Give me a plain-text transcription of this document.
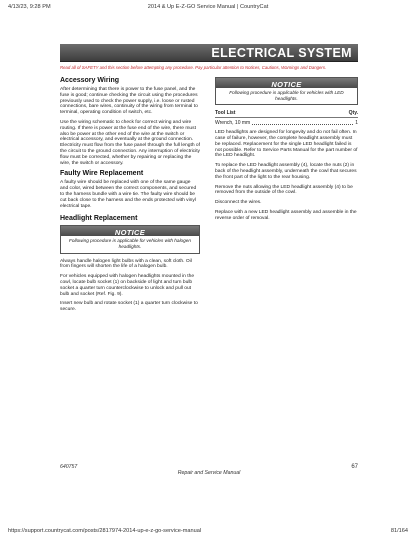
4/13/23, 9:28 PM	2014 & Up E-Z-GO Service Manual | CountryCat
ELECTRICAL SYSTEM
Read all of SAFETY and this section before attempting any procedure. Pay particular attention to Notices, Cautions, Warnings and Dangers.
Accessory Wiring

After determining that there is power to the fuse panel, and the fuse is good; continue checking the circuit using the procedures previously used to check the power supply, i.e. loose or rusted connections, bare wires, continuity of the wiring from terminal to terminal, operating condition of switch, etc.

Use the wiring schematic to check for correct wiring and wire routing. If there is power at the fuse end of the wire, there must also be power at the other end of the wire at the switch or electrical accessory, and eventually at the ground connection. Electricity must flow from the fuse panel through the full length of the circuit to the ground connection. Any interruption of electricity flow must be corrected, whether by repairing or replacing the wire, the switch or accessory.

Faulty Wire Replacement

A faulty wire should be replaced with one of the same gauge and color, wired between the correct components, and secured to the harness bundle with a wire tie. The faulty wire should be cut back close to the harness and the ends protected with vinyl electrical tape.

Headlight Replacement
NOTICE
Following procedure is applicable for vehicles with halogen headlights.

Always handle halogen light bulbs with a clean, soft cloth. Oil from fingers will shorten the life of a halogen bulb.

For vehicles equipped with halogen headlights mounted in the cowl, locate bulb socket (1) on backside of light and turn bulb socket a quarter turn counterclockwise to unlock and pull out bulb and socket (Ref. Fig. 9).

Insert new bulb and rotate socket (1) a quarter turn clockwise to secure.

NOTICE
Following procedure is applicable for vehicles with LED headlights.
Tool List	Qty.
Wrench, 10 mm	1

LED headlights are designed for longevity and do not fail often. In case of failure, however, the complete headlight assembly must be replaced. Replacement for the single LED headlight failed is not possible. Refer to Service Parts Manual for the part number of the LED headlight.

To replace the LED headlight assembly (4), locate the nuts (2) in back of the headlight assembly, underneath the cowl that secures the front part of the light to the rear housing.

Remove the nuts allowing the LED headlight assembly (4) to be removed from the outside of the cowl.

Disconnect the wires.

Replace with a new LED headlight assembly and assemble in the reverse order of removal.

640757
Repair and Service Manual
67
https://support.countrycat.com/posts/2817974-2014-up-e-z-go-service-manual	81/164
